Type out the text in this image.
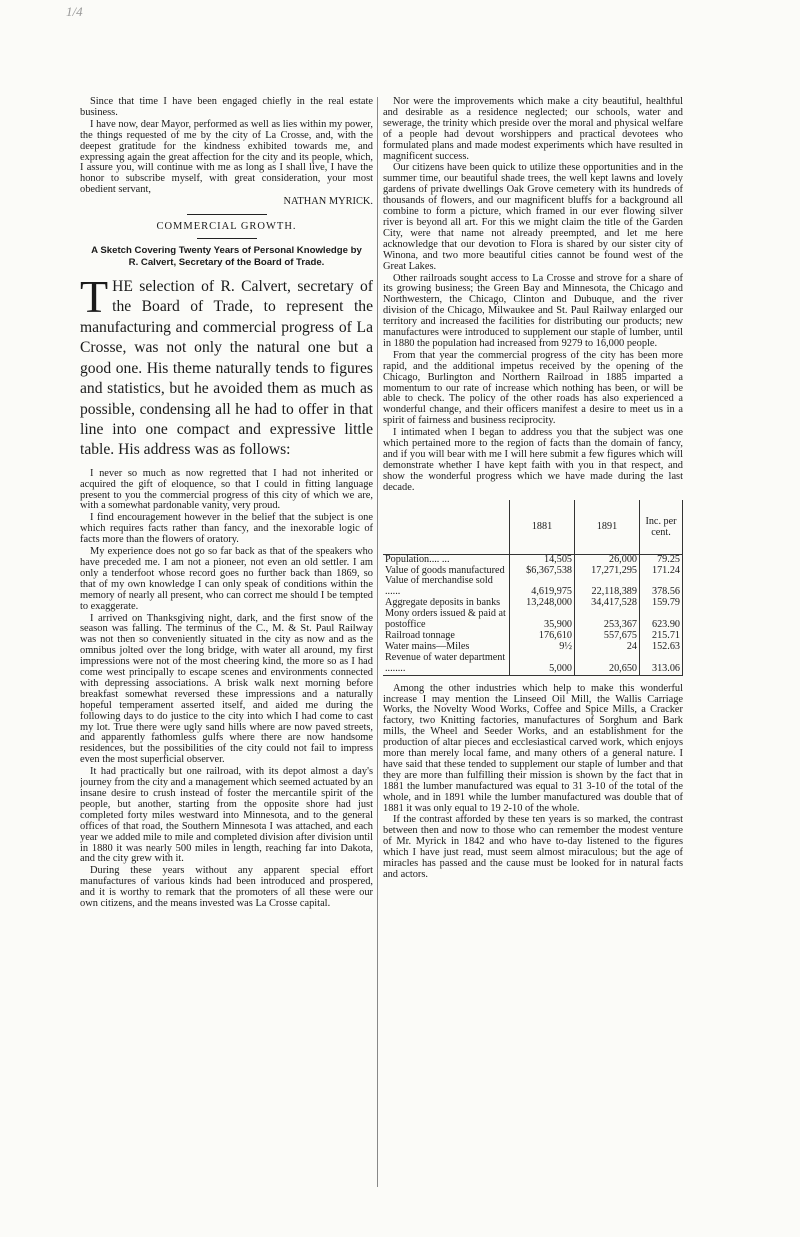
1/4

Since that time I have been engaged chiefly in the real estate business.

I have now, dear Mayor, performed as well as lies within my power, the things requested of me by the city of La Crosse, and, with the deepest gratitude for the kindness exhibited towards me, and expressing again the great affection for the city and its people, which, I assure you, will continue with me as long as I shall live, I have the honor to subscribe myself, with great consideration, your most obedient servant,

NATHAN MYRICK.
COMMERCIAL GROWTH.
A Sketch Covering Twenty Years of Personal Knowledge by R. Calvert, Secretary of the Board of Trade.
THE selection of R. Calvert, secretary of the Board of Trade, to represent the manufacturing and commercial progress of La Crosse, was not only the natural one but a good one. His theme naturally tends to figures and statistics, but he avoided them as much as possible, condensing all he had to offer in that line into one compact and expressive little table. His address was as follows:

I never so much as now regretted that I had not inherited or acquired the gift of eloquence, so that I could in fitting language present to you the commercial progress of this city of which we are, with a somewhat pardonable vanity, very proud.

I find encouragement however in the belief that the subject is one which requires facts rather than fancy, and the inexorable logic of facts more than the flowers of oratory.

My experience does not go so far back as that of the speakers who have preceded me. I am not a pioneer, not even an old settler. I am only a tenderfoot whose record goes no further back than 1869, so that of my own knowledge I can only speak of conditions within the memory of nearly all present, who can correct me should I be tempted to exaggerate.

I arrived on Thanksgiving night, dark, and the first snow of the season was falling. The terminus of the C., M. & St. Paul Railway was not then so conveniently situated in the city as now and as the omnibus jolted over the long bridge, with water all around, my first impressions were not of the most cheering kind, the more so as I had come west principally to escape scenes and environments connected with depressing associations. A brisk walk next morning before breakfast somewhat reversed these impressions and a naturally hopeful temperament asserted itself, and aided me during the following days to do justice to the city into which I had come to cast my lot. True there were ugly sand hills where are now paved streets, and apparently fathomless gulfs where there are now handsome residences, but the possibilities of the city could not fail to impress even the most superficial observer.

It had practically but one railroad, with its depot almost a day's journey from the city and a management which seemed actuated by an insane desire to crush instead of foster the mercantile spirit of the people, but another, starting from the opposite shore had just completed forty miles westward into Minnesota, and to the general offices of that road, the Southern Minnesota I was attached, and each year we added mile to mile and completed division after division until in 1880 it was nearly 500 miles in length, reaching far into Dakota, and the city grew with it.

During these years without any apparent special effort manufactures of various kinds had been introduced and prospered, and it is worthy to remark that the promoters of all these were our own citizens, and the means invested was La Crosse capital.

Nor were the improvements which make a city beautiful, healthful and desirable as a residence neglected; our schools, water and sewerage, the trinity which preside over the moral and physical welfare of a people had devout worshippers and practical devotees who formulated plans and made modest experiments which have resulted in magnificent success.

Our citizens have been quick to utilize these opportunities and in the summer time, our beautiful shade trees, the well kept lawns and lovely gardens of private dwellings Oak Grove cemetery with its hundreds of thousands of flowers, and our magnificent bluffs for a background all combine to form a picture, which framed in our ever flowing silver river is beyond all art. For this we might claim the title of the Garden City, were that name not already preempted, and let me here acknowledge that our devotion to Flora is shared by our sister city of Winona, and two more beautiful cities cannot be found west of the Great Lakes.

Other railroads sought access to La Crosse and strove for a share of its growing business; the Green Bay and Minnesota, the Chicago and Northwestern, the Chicago, Clinton and Dubuque, and the river division of the Chicago, Milwaukee and St. Paul Railway enlarged our territory and increased the facilities for distributing our products; new manufactures were introduced to supplement our staple of lumber, until in 1880 the population had increased from 9279 to 16,000 people.

From that year the commercial progress of the city has been more rapid, and the additional impetus received by the opening of the Chicago, Burlington and Northern Railroad in 1885 imparted a momentum to our rate of increase which nothing has been, or will be able to check. The policy of the other roads has also experienced a wonderful change, and their officers manifest a desire to meet us in a spirit of fairness and business reciprocity.

I intimated when I began to address you that the subject was one which pertained more to the region of facts than the domain of fancy, and if you will bear with me I will here submit a few figures which will demonstrate whether I have kept faith with you in that respect, and show the wonderful progress which we have made during the last decade.

	1881	1891	Inc. per cent.
Population.... ...	14,505	26,000	79.25
Value of goods manufactured	$6,367,538	17,271,295	171.24
Value of merchandise sold ......	4,619,975	22,118,389	378.56
Aggregate deposits in banks	13,248,000	34,417,528	159.79
Mony orders issued & paid at postoffice	35,900	253,367	623.90
Railroad tonnage	176,610	557,675	215.71
Water mains—Miles	9½	24	152.63
Revenue of water department ........	5,000	20,650	313.06

Among the other industries which help to make this wonderful increase I may mention the Linseed Oil Mill, the Wallis Carriage Works, the Novelty Wood Works, Coffee and Spice Mills, a Cracker factory, two Knitting factories, manufactures of Sorghum and Bark mills, the Wheel and Seeder Works, and an establishment for the production of altar pieces and ecclesiastical carved work, which enjoys more than merely local fame, and many others of a general nature. I have said that these tended to supplement our staple of lumber and that they are more than fulfilling their mission is shown by the fact that in 1881 the lumber manufactured was equal to 31 3-10 of the total of the whole, and in 1891 while the lumber manufactured was double that of 1881 it was only equal to 19 2-10 of the whole.

If the contrast afforded by these ten years is so marked, the contrast between then and now to those who can remember the modest venture of Mr. Myrick in 1842 and who have to-day listened to the figures which I have just read, must seem almost miraculous; but the age of miracles has passed and the cause must be looked for in natural facts and actors.
